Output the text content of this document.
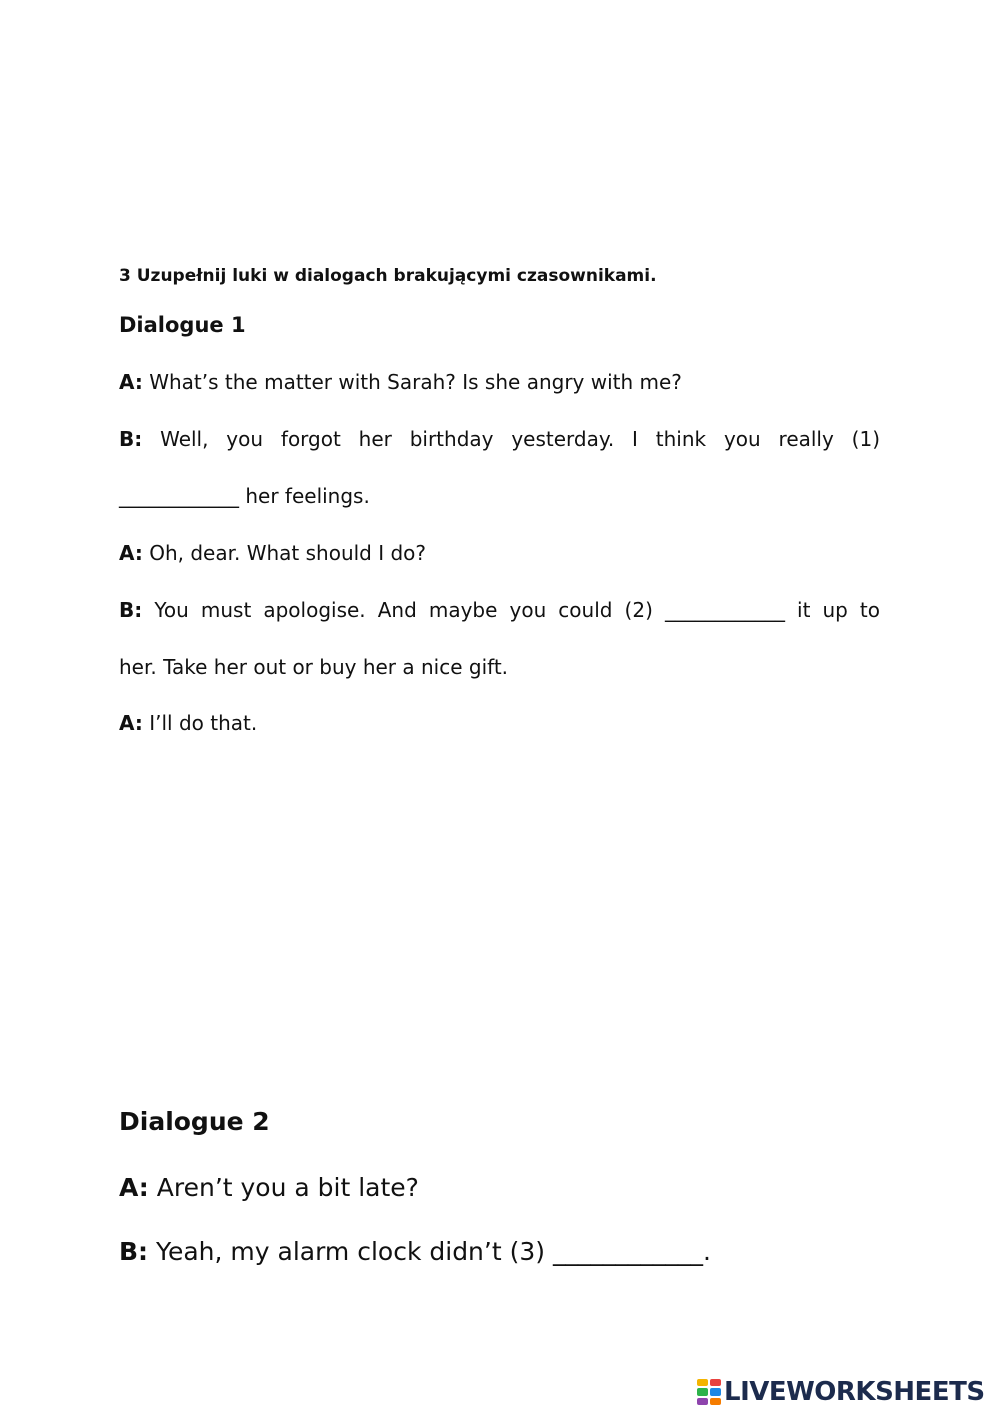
3 Uzupełnij luki w dialogach brakującymi czasownikami.
Dialogue 1
A: What’s the matter with Sarah? Is she angry with me?
B: Well, you forgot her birthday yesterday. I think you really (1)
____________ her feelings.
A: Oh, dear. What should I do?
B: You must apologise. And maybe you could (2) ____________ it up to
her. Take her out or buy her a nice gift.
A: I’ll do that.
Dialogue 2
A: Aren’t you a bit late?
B: Yeah, my alarm clock didn’t (3) ____________.
LIVEWORKSHEETS
